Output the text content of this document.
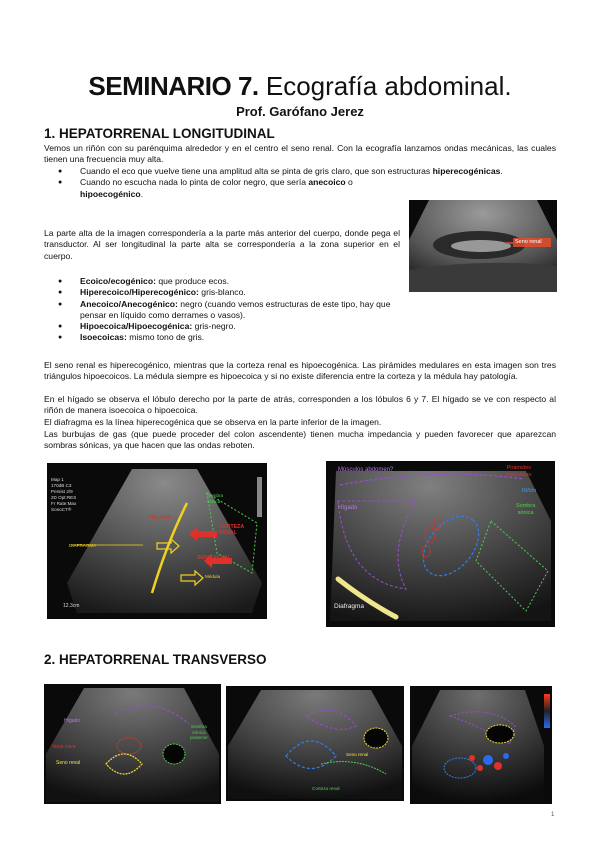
SEMINARIO 7. Ecografía abdominal.
Prof. Garófano Jerez
1. HEPATORRENAL LONGITUDINAL
Vemos un riñón con su parénquima alrededor y en el centro el seno renal. Con la ecografía lanzamos ondas mecánicas, las cuales tienen una frecuencia muy alta.
● Cuando el eco que vuelve tiene una amplitud alta se pinta de gris claro, que son estructuras hiperecogénicas.
● Cuando no escucha nada lo pinta de color negro, que sería anecoico o hipoecogénico.
La parte alta de la imagen correspondería a la parte más anterior del cuerpo, donde pega el transductor. Al ser longitudinal la parte alta se correspondería a la zona superior en el cuerpo.
● Ecoico/ecogénico: que produce ecos.
● Hiperecoico/Hiperecogénico: gris-blanco.
● Anecoico/Anecogénico: negro (cuando vemos estructuras de este tipo, hay que pensar en líquido como derrames o vasos).
● Hipoecoica/Hipoecogénica: gris-negro.
● Isoecoicas: mismo tono de gris.
Seno renal
El seno renal es hiperecogénico, mientras que la corteza renal es hipoecogénica. Las pirámides medulares en esta imagen son tres triángulos hipoecoicos. La médula siempre es hipoecoica y si no existe diferencia entre la corteza y la médula hay patología.
En el hígado se observa el lóbulo derecho por la parte de atrás, corresponden a los lóbulos 6 y 7. El hígado se ve con respecto al riñón de manera isoecoica o hipoecoica.
El diafragma es la línea hiperecogénica que se observa en la parte inferior de la imagen.
Las burbujas de gas (que puede proceder del colon ascendente) tienen mucha impedancia y pueden favorecer que aparezcan sombras sónicas, ya que hacen que las ondas reboten.
Map 1
170dB C3
Persist 2/9
2D Opt:RES
Fr Rate:Max
SonoCT®
12.3cm
HÍGADO
CORTEZA
RENAL
SENO RENAL
DIAFRAGMA
Sombra
sónica
Médula
Músculos abdomen?	Pirámides
medulares
Riñón
Sombra
sónica
Hígado
Diafragma
2. HEPATORRENAL TRANSVERSO
Hígado
Vena cava
Seno renal
Sombra
sónica
posterior
Corteza renal
Seno renal
1
